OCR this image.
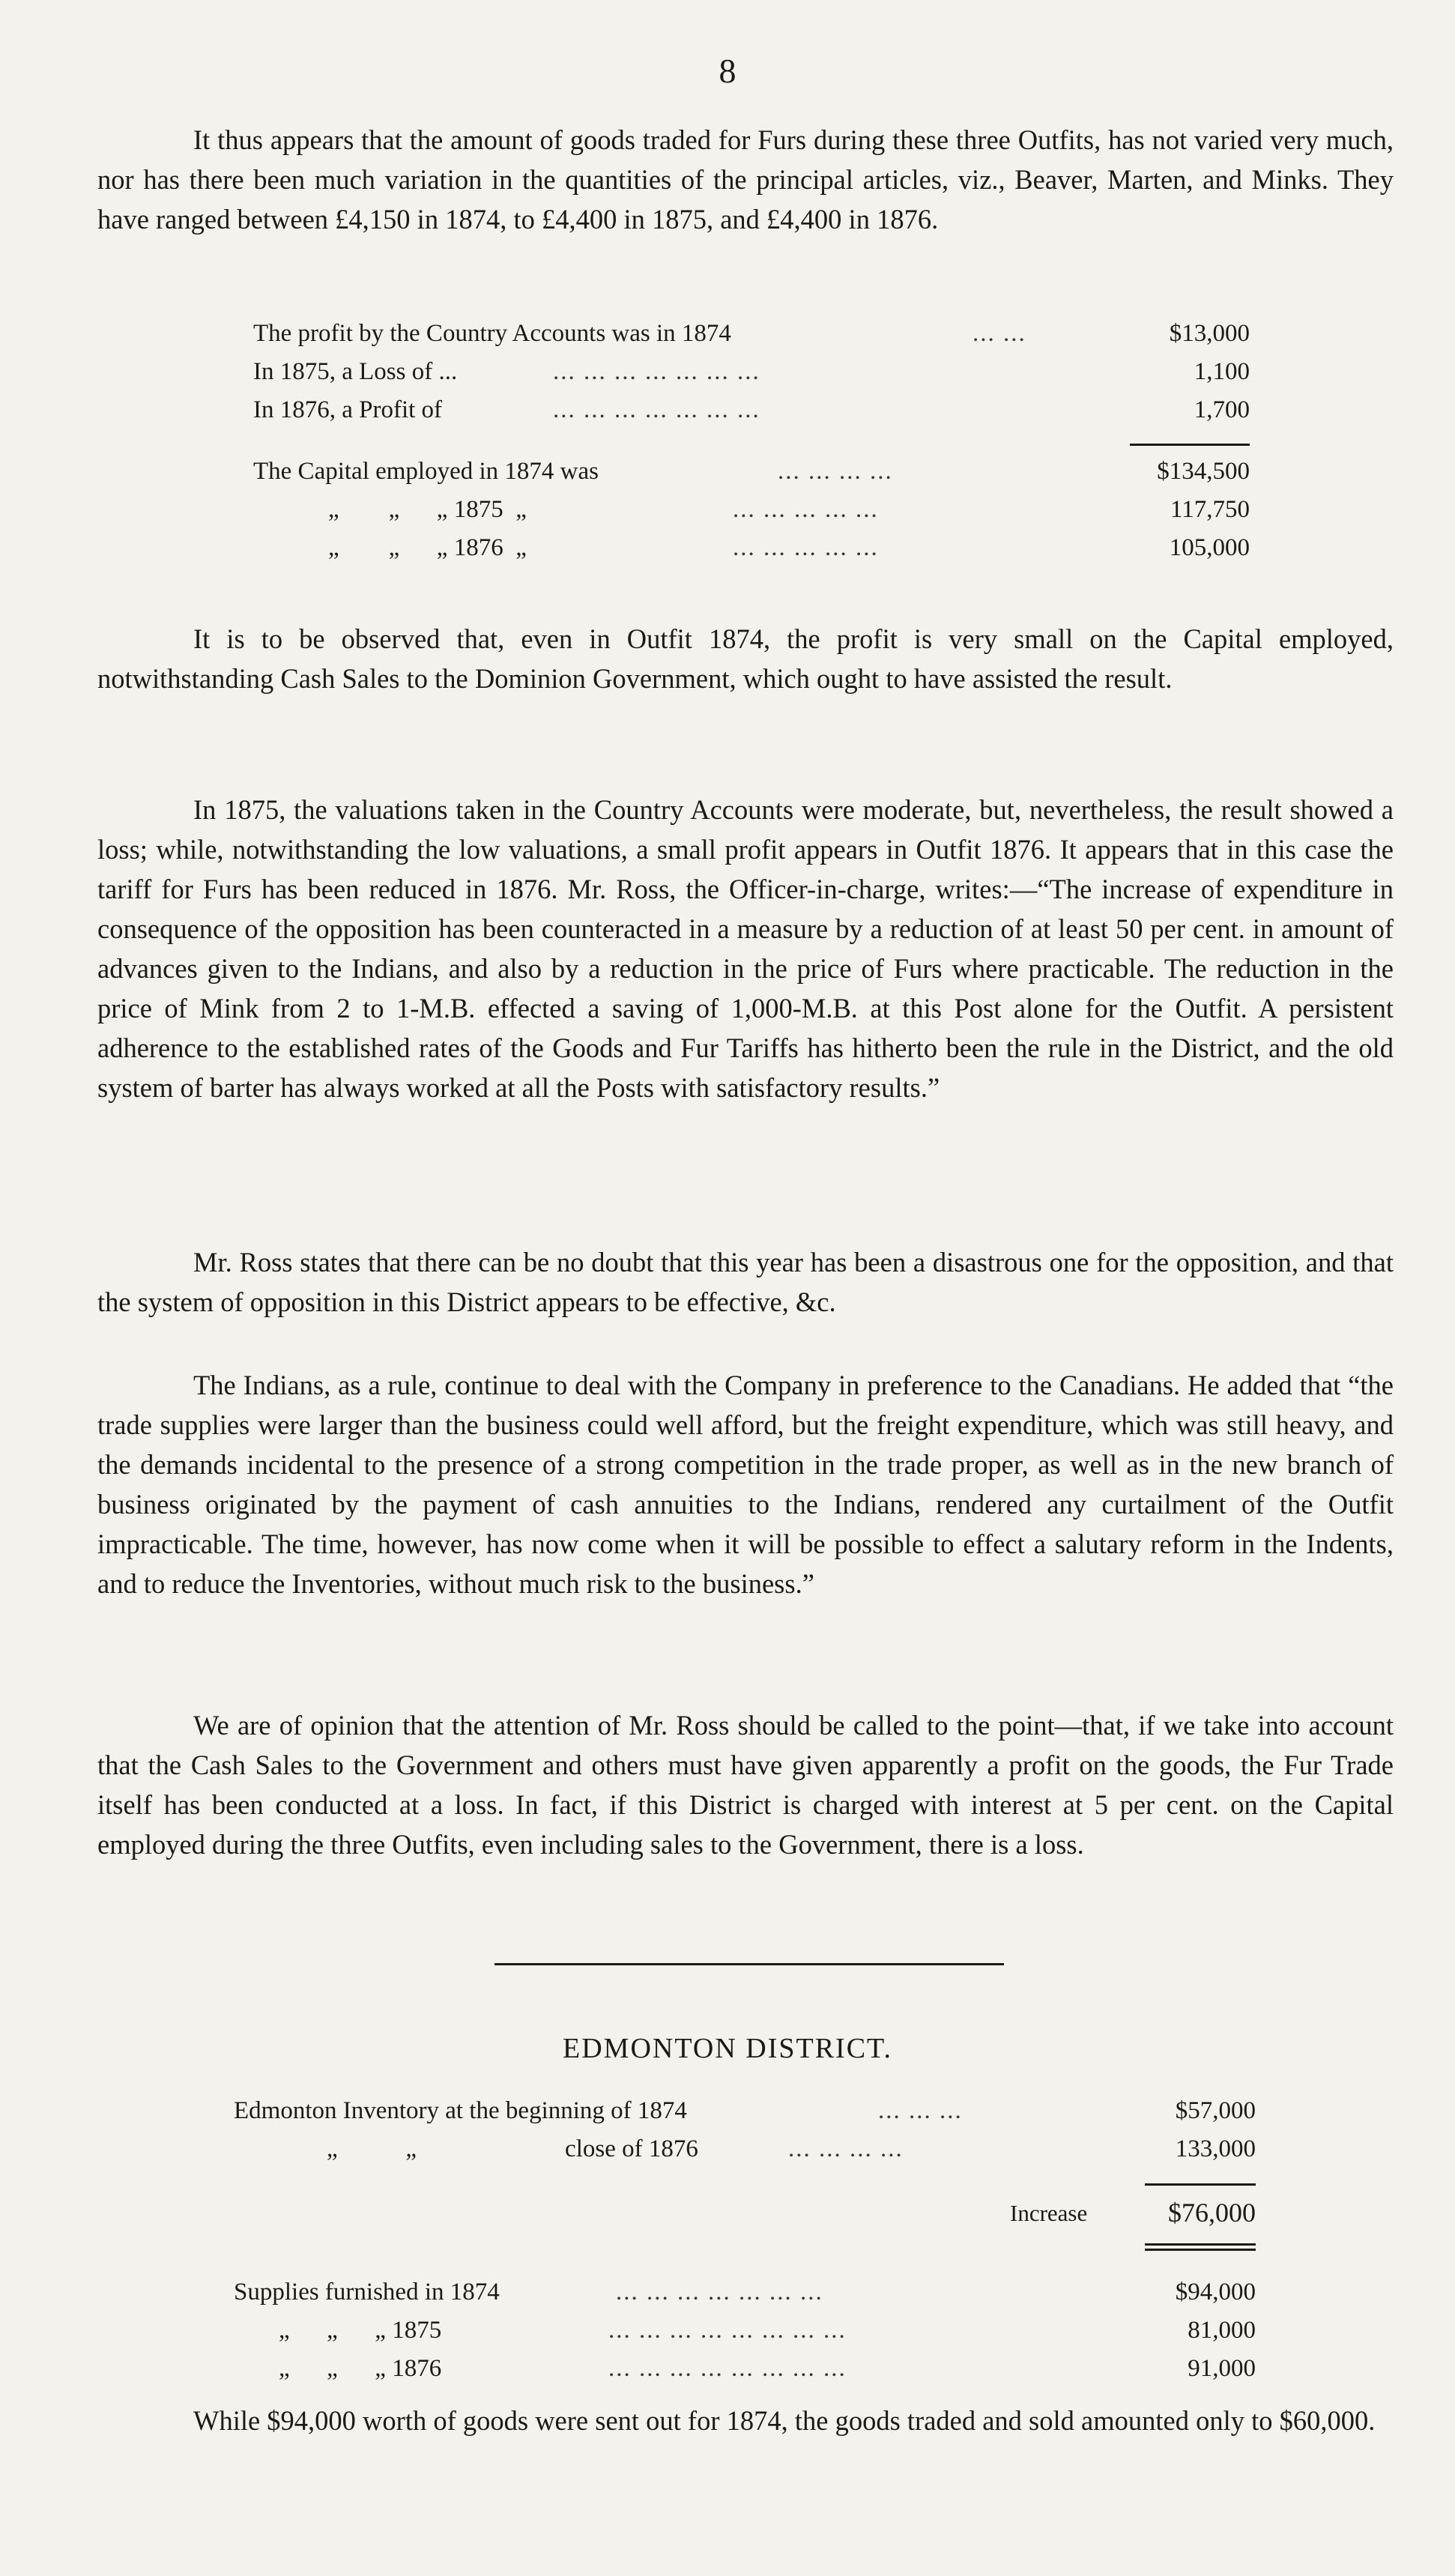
8

It thus appears that the amount of goods traded for Furs during these three Outfits, has not varied very much, nor has there been much variation in the quantities of the principal articles, viz., Beaver, Marten, and Minks. They have ranged between £4,150 in 1874, to £4,400 in 1875, and £4,400 in 1876.

The profit by the Country Accounts was in 1874	... ...	$13,000
In 1875, a Loss of ...	... ... ... ... ... ... ...	1,100
In 1876, a Profit of	... ... ... ... ... ... ...	1,700
The Capital employed in 1874 was	... ... ... ...	$134,500
„        „      „ 1875  „	... ... ... ... ...	117,750
„        „      „ 1876  „	... ... ... ... ...	105,000

It is to be observed that, even in Outfit 1874, the profit is very small on the Capital employed, notwithstanding Cash Sales to the Dominion Government, which ought to have assisted the result.

In 1875, the valuations taken in the Country Accounts were moderate, but, nevertheless, the result showed a loss; while, notwithstanding the low valuations, a small profit appears in Outfit 1876. It appears that in this case the tariff for Furs has been reduced in 1876. Mr. Ross, the Officer-in-charge, writes:—“The increase of expenditure in consequence of the opposition has been counteracted in a measure by a reduction of at least 50 per cent. in amount of advances given to the Indians, and also by a reduction in the price of Furs where practicable. The reduction in the price of Mink from 2 to 1-M.B. effected a saving of 1,000-M.B. at this Post alone for the Outfit. A persistent adherence to the established rates of the Goods and Fur Tariffs has hitherto been the rule in the District, and the old system of barter has always worked at all the Posts with satisfactory results.”

Mr. Ross states that there can be no doubt that this year has been a disastrous one for the opposition, and that the system of opposition in this District appears to be effective, &c.

The Indians, as a rule, continue to deal with the Company in preference to the Canadians. He added that “the trade supplies were larger than the business could well afford, but the freight expenditure, which was still heavy, and the demands incidental to the presence of a strong competition in the trade proper, as well as in the new branch of business originated by the payment of cash annuities to the Indians, rendered any curtailment of the Outfit impracticable. The time, however, has now come when it will be possible to effect a salutary reform in the Indents, and to reduce the Inventories, without much risk to the business.”

We are of opinion that the attention of Mr. Ross should be called to the point—that, if we take into account that the Cash Sales to the Government and others must have given apparently a profit on the goods, the Fur Trade itself has been conducted at a loss. In fact, if this District is charged with interest at 5 per cent. on the Capital employed during the three Outfits, even including sales to the Government, there is a loss.

EDMONTON DISTRICT.
Edmonton Inventory at the beginning of 1874	... ... ...	$57,000
„           „                        close of 1876	... ... ... ...	133,000
Increase	$76,000
Supplies furnished in 1874	... ... ... ... ... ... ...	$94,000
„      „      „ 1875	... ... ... ... ... ... ... ...	81,000
„      „      „ 1876	... ... ... ... ... ... ... ...	91,000

While $94,000 worth of goods were sent out for 1874, the goods traded and sold amounted only to $60,000.
